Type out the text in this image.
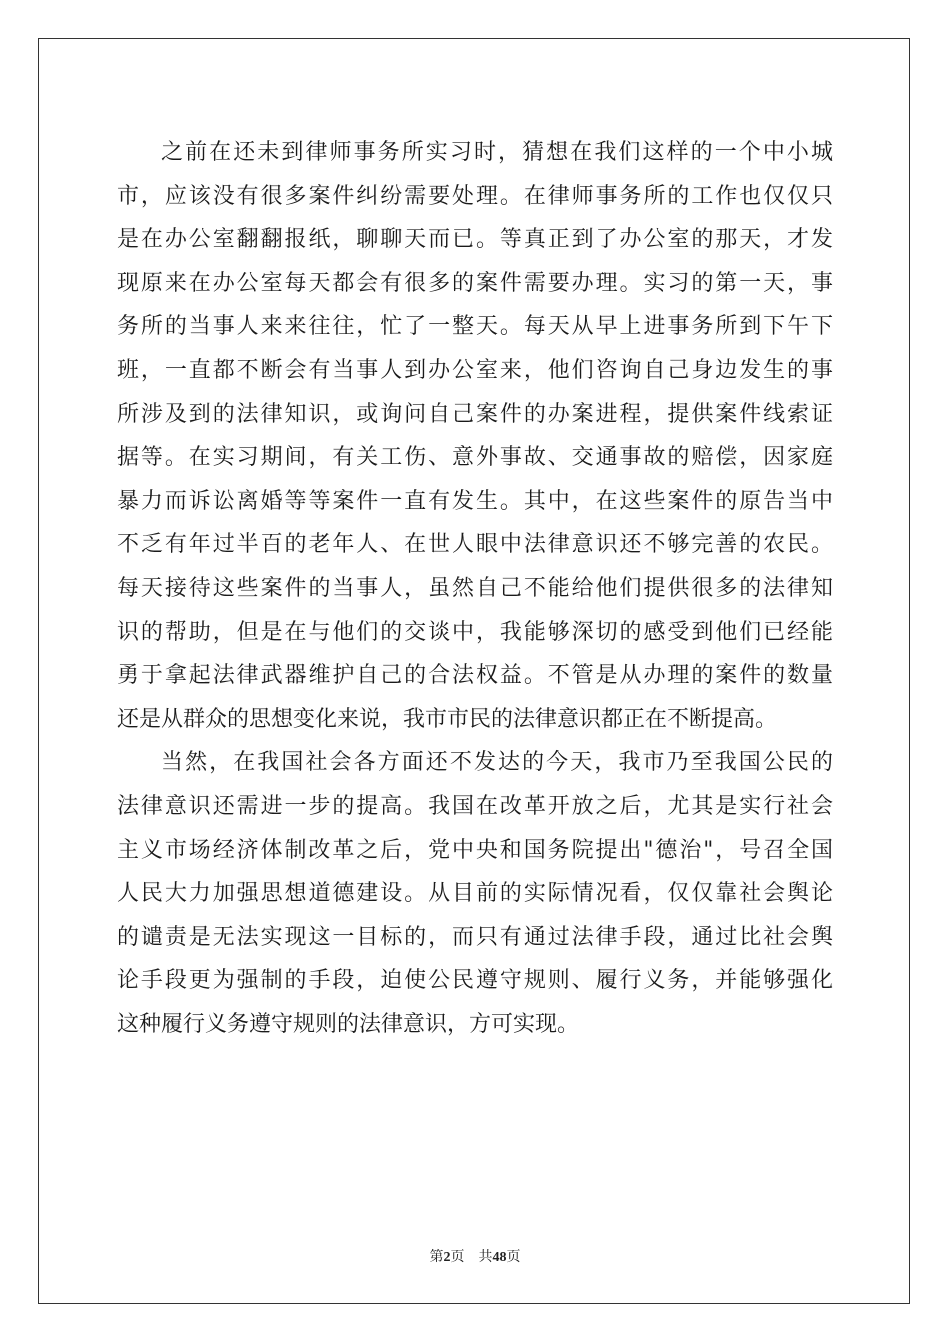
之前在还未到律师事务所实习时，猜想在我们这样的一个中小城
市，应该没有很多案件纠纷需要处理。在律师事务所的工作也仅仅只
是在办公室翻翻报纸，聊聊天而已。等真正到了办公室的那天，才发
现原来在办公室每天都会有很多的案件需要办理。实习的第一天，事
务所的当事人来来往往，忙了一整天。每天从早上进事务所到下午下
班，一直都不断会有当事人到办公室来，他们咨询自己身边发生的事
所涉及到的法律知识，或询问自己案件的办案进程，提供案件线索证
据等。在实习期间，有关工伤、意外事故、交通事故的赔偿，因家庭
暴力而诉讼离婚等等案件一直有发生。其中，在这些案件的原告当中
不乏有年过半百的老年人、在世人眼中法律意识还不够完善的农民。
每天接待这些案件的当事人，虽然自己不能给他们提供很多的法律知
识的帮助，但是在与他们的交谈中，我能够深切的感受到他们已经能
勇于拿起法律武器维护自己的合法权益。不管是从办理的案件的数量
还是从群众的思想变化来说，我市市民的法律意识都正在不断提高。
当然，在我国社会各方面还不发达的今天，我市乃至我国公民的
法律意识还需进一步的提高。我国在改革开放之后，尤其是实行社会
主义市场经济体制改革之后，党中央和国务院提出"德治"，号召全国
人民大力加强思想道德建设。从目前的实际情况看，仅仅靠社会舆论
的谴责是无法实现这一目标的，而只有通过法律手段，通过比社会舆
论手段更为强制的手段，迫使公民遵守规则、履行义务，并能够强化
这种履行义务遵守规则的法律意识，方可实现。
第2页 共48页
